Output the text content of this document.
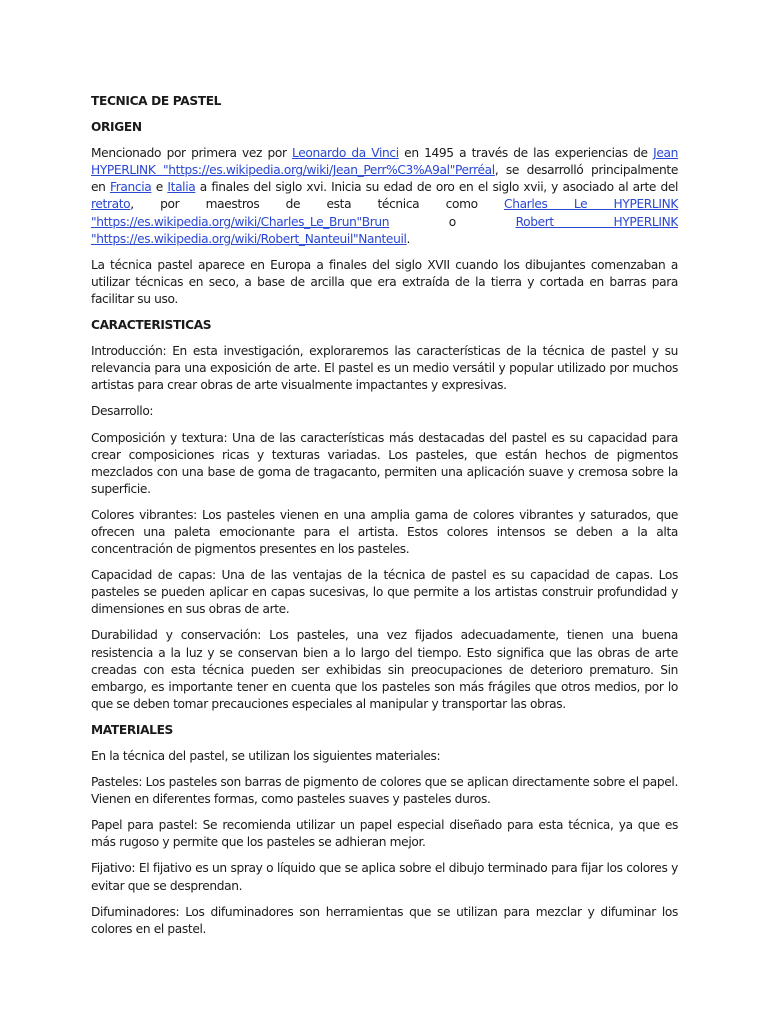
TECNICA DE PASTEL
ORIGEN

Mencionado por primera vez por Leonardo da Vinci en 1495 a través de las experiencias de Jean HYPERLINK "https://es.wikipedia.org/wiki/Jean_Perr%C3%A9al"Perréal, se desarrolló principalmente en Francia e Italia a finales del siglo xvi. Inicia su edad de oro en el siglo xvii, y asociado al arte del retrato, por maestros de esta técnica como Charles Le HYPERLINK "https://es.wikipedia.org/wiki/Charles_Le_Brun"Brun o Robert HYPERLINK "https://es.wikipedia.org/wiki/Robert_Nanteuil"Nanteuil.

La técnica pastel aparece en Europa a finales del siglo XVII cuando los dibujantes comenzaban a utilizar técnicas en seco, a base de arcilla que era extraída de la tierra y cortada en barras para facilitar su uso.

CARACTERISTICAS

Introducción: En esta investigación, exploraremos las características de la técnica de pastel y su relevancia para una exposición de arte. El pastel es un medio versátil y popular utilizado por muchos artistas para crear obras de arte visualmente impactantes y expresivas.

Desarrollo:

Composición y textura: Una de las características más destacadas del pastel es su capacidad para crear composiciones ricas y texturas variadas. Los pasteles, que están hechos de pigmentos mezclados con una base de goma de tragacanto, permiten una aplicación suave y cremosa sobre la superficie.

Colores vibrantes: Los pasteles vienen en una amplia gama de colores vibrantes y saturados, que ofrecen una paleta emocionante para el artista. Estos colores intensos se deben a la alta concentración de pigmentos presentes en los pasteles.

Capacidad de capas: Una de las ventajas de la técnica de pastel es su capacidad de capas. Los pasteles se pueden aplicar en capas sucesivas, lo que permite a los artistas construir profundidad y dimensiones en sus obras de arte.

Durabilidad y conservación: Los pasteles, una vez fijados adecuadamente, tienen una buena resistencia a la luz y se conservan bien a lo largo del tiempo. Esto significa que las obras de arte creadas con esta técnica pueden ser exhibidas sin preocupaciones de deterioro prematuro. Sin embargo, es importante tener en cuenta que los pasteles son más frágiles que otros medios, por lo que se deben tomar precauciones especiales al manipular y transportar las obras.

MATERIALES

En la técnica del pastel, se utilizan los siguientes materiales:

Pasteles: Los pasteles son barras de pigmento de colores que se aplican directamente sobre el papel. Vienen en diferentes formas, como pasteles suaves y pasteles duros.

Papel para pastel: Se recomienda utilizar un papel especial diseñado para esta técnica, ya que es más rugoso y permite que los pasteles se adhieran mejor.

Fijativo: El fijativo es un spray o líquido que se aplica sobre el dibujo terminado para fijar los colores y evitar que se desprendan.

Difuminadores: Los difuminadores son herramientas que se utilizan para mezclar y difuminar los colores en el pastel.
